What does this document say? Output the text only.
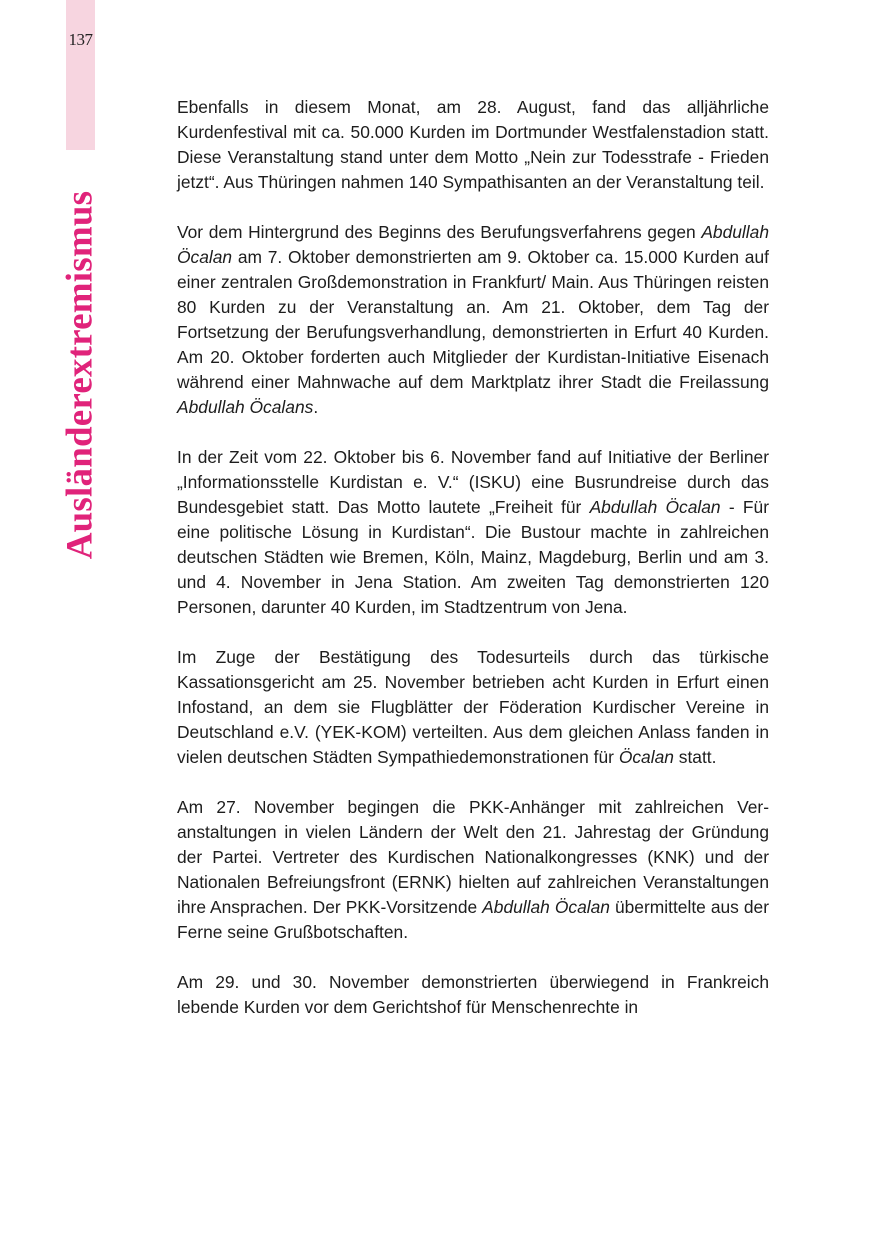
137
Ausländerextremismus

Ebenfalls in diesem Monat, am 28. August, fand das alljährliche Kurdenfestival mit ca. 50.000 Kurden im Dortmunder Westfalenstadion statt. Diese Veranstaltung stand unter dem Motto „Nein zur Todesstrafe - Frieden jetzt“. Aus Thüringen nahmen 140 Sympathisanten an der Veranstaltung teil.

Vor dem Hintergrund des Beginns des Berufungsverfahrens gegen Abdullah Öcalan am 7. Oktober demonstrierten am 9. Oktober ca. 15.000 Kurden auf einer zentralen Großdemonstration in Frankfurt/ Main. Aus Thüringen reisten 80 Kurden zu der Veranstaltung an. Am 21. Oktober, dem Tag der Fortsetzung der Berufungsverhandlung, demonstrierten in Erfurt 40 Kurden. Am 20. Oktober forderten auch Mitglieder der Kurdistan-Initiative Eisenach während einer Mahnwache auf dem Marktplatz ihrer Stadt die Freilassung Abdullah Öcalans.

In der Zeit vom 22. Oktober bis 6. November fand auf Initiative der Berliner „Informationsstelle Kurdistan e. V.“ (ISKU) eine Busrundreise durch das Bundesgebiet statt. Das Motto lautete „Freiheit für Abdullah Öcalan - Für eine politische Lösung in Kurdistan“. Die Bustour machte in zahlreichen deutschen Städten wie Bremen, Köln, Mainz, Magdeburg, Berlin und am 3. und 4. November in Jena Station. Am zweiten Tag demonstrierten 120 Personen, darunter 40 Kurden, im Stadtzentrum von Jena.

Im Zuge der Bestätigung des Todesurteils durch das türkische Kassationsgericht am 25. November betrieben acht Kurden in Erfurt einen Infostand, an dem sie Flugblätter der Föderation Kurdischer Vereine in Deutschland e.V. (YEK-KOM) verteilten. Aus dem gleichen Anlass fanden in vielen deutschen Städten Sympathiedemonstrationen für Öcalan statt.

Am 27. November begingen die PKK-Anhänger mit zahlreichen Veranstaltungen in vielen Ländern der Welt den 21. Jahrestag der Gründung der Partei. Vertreter des Kurdischen Nationalkongresses (KNK) und der Nationalen Befreiungsfront (ERNK) hielten auf zahlreichen Veranstaltungen ihre Ansprachen. Der PKK-Vorsitzende Abdullah Öcalan übermittelte aus der Ferne seine Grußbotschaften.

Am 29. und 30. November demonstrierten überwiegend in Frankreich lebende Kurden vor dem Gerichtshof für Menschenrechte in
